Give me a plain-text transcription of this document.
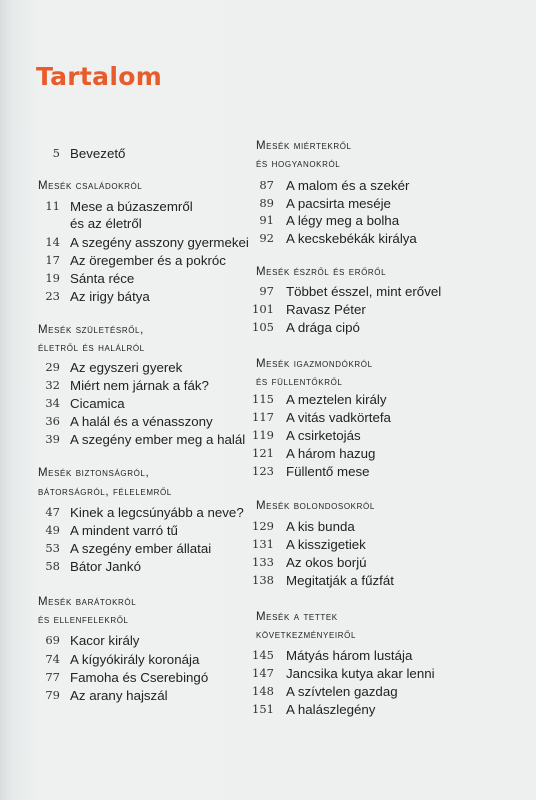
Tartalom
5 Bevezető
Mesék családokról
11 Mese a búzaszemről
és az életről
14 A szegény asszony gyermekei
17 Az öregember és a pokróc
19 Sánta réce
23 Az irigy bátya
Mesék születésről,
életről és halálról
29 Az egyszeri gyerek
32 Miért nem járnak a fák?
34 Cicamica
36 A halál és a vénasszony
39 A szegény ember meg a halál
Mesék biztonságról,
bátorságról, félelemről
47 Kinek a legcsúnyább a neve?
49 A mindent varró tű
53 A szegény ember állatai
58 Bátor Jankó
Mesék barátokról
és ellenfelekről
69 Kacor király
74 A kígyókirály koronája
77 Famoha és Cserebingó
79 Az arany hajszál
Mesék miértekről
és hogyanokról
87 A malom és a szekér
89 A pacsirta meséje
91 A légy meg a bolha
92 A kecskebékák királya
Mesék észről és erőről
97 Többet ésszel, mint erővel
101 Ravasz Péter
105 A drága cipó
Mesék igazmondókról
és füllentőkről
115 A meztelen király
117 A vitás vadkörtefa
119 A csirketojás
121 A három hazug
123 Füllentő mese
Mesék bolondosokról
129 A kis bunda
131 A kisszigetiek
133 Az okos borjú
138 Megitatják a fűzfát
Mesék a tettek
következményeiről
145 Mátyás három lustája
147 Jancsika kutya akar lenni
148 A szívtelen gazdag
151 A halászlegény
